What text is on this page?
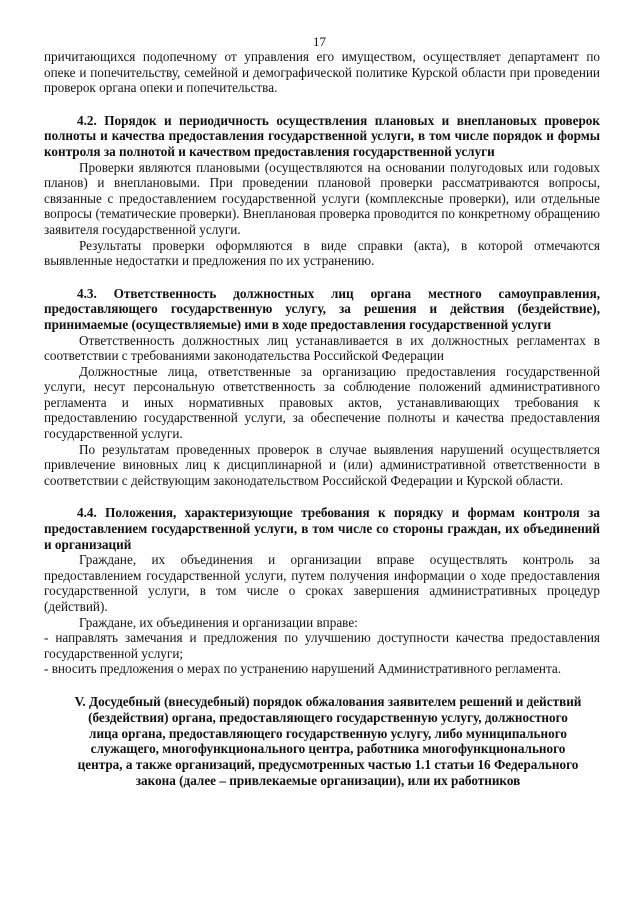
17

причитающихся подопечному от управления его имуществом, осуществляет департамент по опеке и попечительству, семейной и демографической политике Курской области при проведении проверок органа опеки и попечительства.

4.2. Порядок и периодичность осуществления плановых и внеплановых проверок полноты и качества предоставления государственной услуги, в том числе порядок и формы контроля за полнотой и качеством предоставления государственной услуги

Проверки являются плановыми (осуществляются на основании полугодовых или годовых планов) и внеплановыми. При проведении плановой проверки рассматриваются вопросы, связанные с предоставлением государственной услуги (комплексные проверки), или отдельные вопросы (тематические проверки). Внеплановая проверка проводится по конкретному обращению заявителя государственной услуги.

Результаты проверки оформляются в виде справки (акта), в которой отмечаются выявленные недостатки и предложения по их устранению.

4.3. Ответственность должностных лиц органа местного самоуправления, предоставляющего государственную услугу, за решения и действия (бездействие), принимаемые (осуществляемые) ими в ходе предоставления государственной услуги

Ответственность должностных лиц устанавливается в их должностных регламентах в соответствии с требованиями законодательства Российской Федерации

Должностные лица, ответственные за организацию предоставления государственной услуги, несут персональную ответственность за соблюдение положений административного регламента и иных нормативных правовых актов, устанавливающих требования к предоставлению государственной услуги, за обеспечение полноты и качества предоставления государственной услуги.

По результатам проведенных проверок в случае выявления нарушений осуществляется привлечение виновных лиц к дисциплинарной и (или) административной ответственности в соответствии с действующим законодательством Российской Федерации и Курской области.

4.4. Положения, характеризующие требования к порядку и формам контроля за предоставлением государственной услуги, в том числе со стороны граждан, их объединений и организаций

Граждане, их объединения и организации вправе осуществлять контроль за предоставлением государственной услуги, путем получения информации о ходе предоставления государственной услуги, в том числе о сроках завершения административных процедур (действий).

Граждане, их объединения и организации вправе:

- направлять замечания и предложения по улучшению доступности качества предоставления государственной услуги;

- вносить предложения о мерах по устранению нарушений Административного регламента.

V. Досудебный (внесудебный) порядок обжалования заявителем решений и действий (бездействия) органа, предоставляющего государственную услугу, должностного лица органа, предоставляющего государственную услугу, либо муниципального служащего, многофункционального центра, работника многофункционального центра, а также организаций, предусмотренных частью 1.1 статьи 16 Федерального закона (далее – привлекаемые организации), или их работников
